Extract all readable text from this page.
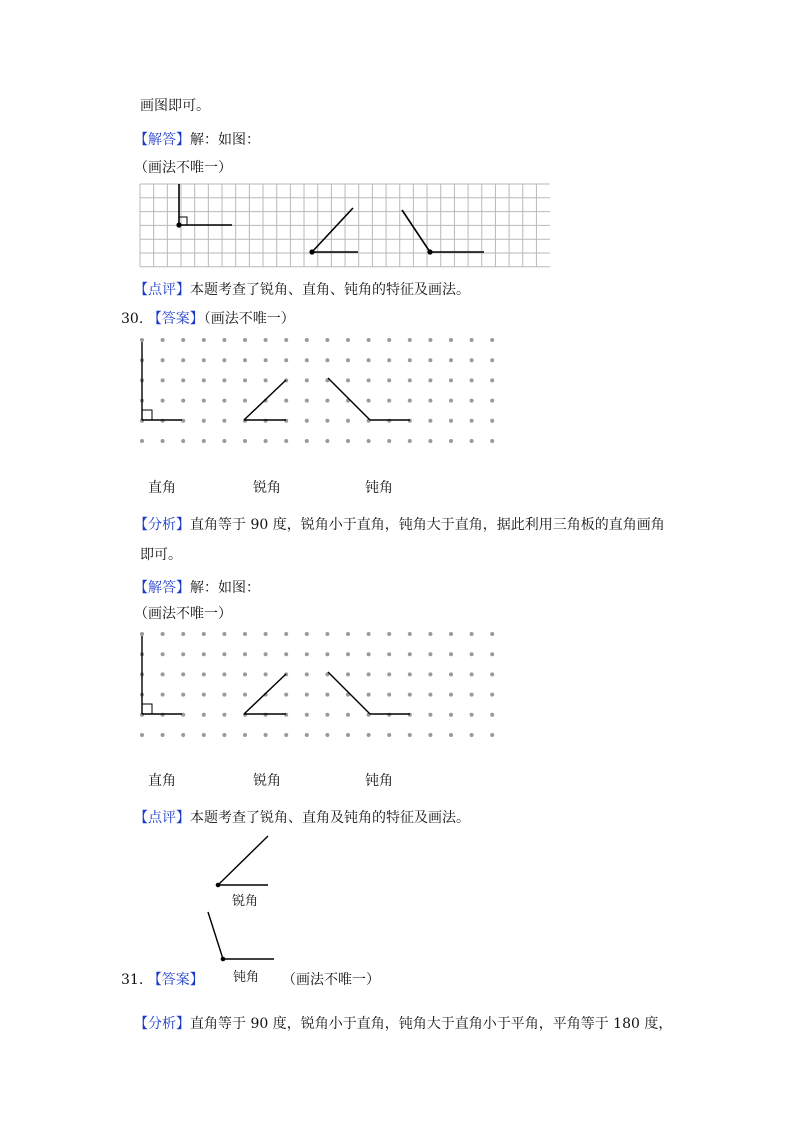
画图即可。
【解答】解：如图：
（画法不唯一）
【点评】本题考查了锐角、直角、钝角的特征及画法。
30. 【答案】（画法不唯一）
直角	锐角	钝角
【分析】直角等于 90 度，锐角小于直角，钝角大于直角，据此利用三角板的直角画角
即可。
【解答】解：如图：
（画法不唯一）
直角	锐角	钝角
【点评】本题考查了锐角、直角及钝角的特征及画法。
锐角
31. 【答案】 钝角 （画法不唯一）
【分析】直角等于 90 度，锐角小于直角，钝角大于直角小于平角，平角等于 180 度，
